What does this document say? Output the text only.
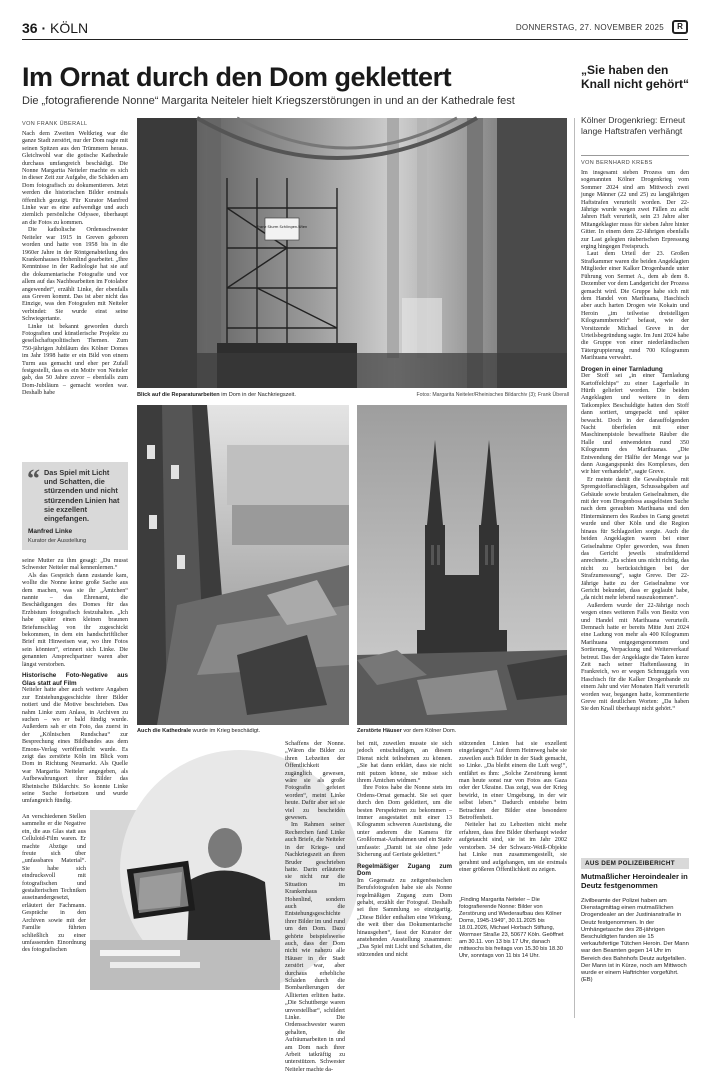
36 · KÖLN	DONNERSTAG, 27. NOVEMBER 2025	R
Im Ornat durch den Dom geklettert
Die „fotografierende Nonne“ Margarita Neiteler hielt Kriegszerstörungen in und an der Kathedrale fest
VON FRANK ÜBERALL
Franz Sturm Schlingen-Wien
Blick auf die Reparaturarbeiten im Dom in der Nachkriegszeit.	Fotos: Margarita Neiteler/Rheinisches Bildarchiv (3); Frank Überall
Auch die Kathedrale wurde im Krieg beschädigt.	Zerstörte Häuser vor dem Kölner Dom.

Nach dem Zweiten Weltkrieg war die ganze Stadt zerstört, nur der Dom ragte mit seinen Spitzen aus den Trümmern heraus. Gleichwohl war die gotische Kathedrale durchaus umfangreich beschädigt. Die Nonne Margarita Neiteler machte es sich in dieser Zeit zur Aufgabe, die Schäden am Dom fotografisch zu dokumentieren. Jetzt werden die historischen Bilder erstmals öffentlich gezeigt. Für Kurator Manfred Linke war es eine aufwendige und auch ziemlich persönliche Odyssee, überhaupt an die Fotos zu kommen.

Die katholische Ordensschwester Neiteler war 1915 in Greven geboren worden und hatte von 1958 bis in die 1960er Jahre in der Röntgenabteilung des Krankenhauses Hohenlind gearbeitet. „Ihre Kenntnisse in der Radiologie hat sie auf die dokumentarische Fotografie und vor allem auf das Nachbearbeiten im Fotolabor angewendet“, erzählt Linke, der ebenfalls aus Greven kommt. Das ist aber nicht das Einzige, was den Fotografen mit Neiteler verbindet: Sie wurde einst seine Schwiegertante.

Linke ist bekannt geworden durch Fotografien und künstlerische Projekte zu gesellschaftspolitischen Themen. Zum 750-jährigen Jubiläum des Kölner Domes im Jahr 1998 hatte er ein Bild von einem Turm aus gemacht und eher per Zufall festgestellt, dass es ein Motiv von Neiteler gab, das 50 Jahre zuvor – ebenfalls zum Dom-Jubiläum – gemacht worden war. Deshalb habe

“ Das Spiel mit Licht und Schatten, die stürzenden und nicht stürzenden Linien hat sie exzellent eingefangen.
Manfred Linke
Kurator der Ausstellung

seine Mutter zu ihm gesagt: „Du musst Schwester Neiteler mal kennenlernen.“

Als das Gespräch dann zustande kam, wollte die Nonne keine große Sache aus dem machen, was sie ihr „Ämtchen“ nannte – das Ehrenamt, die Beschädigungen des Domes für das Erzbistum fotografisch festzuhalten. „Ich habe später einen kleinen braunen Briefumschlag von ihr zugeschickt bekommen, in dem ein handschriftlicher Brief mit Hinweisen war, wo ihre Fotos sein könnten“, erinnert sich Linke. Die genannten Ansprechpartner waren aber längst verstorben.

Historische Foto-Negative aus Glas statt auf Film

Neiteler hatte aber auch weitere Angaben zur Entstehungsgeschichte ihrer Bilder notiert und die Motive beschrieben. Das nahm Linke zum Anlass, in Archiven zu suchen – wo er bald fündig wurde. Außerdem sah er ein Foto, das zuerst in der „Kölnischen Rundschau“ zur Besprechung eines Bildbandes aus dem Emons-Verlag veröffentlicht wurde. Es zeigt das zerstörte Köln im Blick vom Dom in Richtung Neumarkt. Als Quelle war Margarita Neiteler angegeben, als Aufbewahrungsort ihrer Bilder das Rheinische Bildarchiv. So konnte Linke seine Suche fortsetzen und wurde umfangreich fündig.

An verschiedenen Stellen sammelte er die Negative ein, die aus Glas statt aus Celluloid-Film waren. Er machte Abzüge und freute sich über „unfassbares Material“. Sie habe sich eindrucksvoll mit fotografischen und gestalterischen Techniken auseinandergesetzt, erläutert der Fachmann. Gespräche in den Archiven sowie mit der Familie führten schließlich zu einer umfassenden Einordnung des fotografischen

Schaffens der Nonne. „Wären die Bilder zu ihren Lebzeiten der Öffentlichkeit zugänglich gewesen, wäre sie als große Fotografin gefeiert worden“, meint Linke heute. Dafür aber sei sie viel zu bescheiden gewesen.

Im Rahmen seiner Recherchen fand Linke auch Briefe, die Neiteler in der Kriegs- und Nachkriegszeit an ihren Bruder geschrieben hatte. Darin erläuterte sie nicht nur die Situation im Krankenhaus Hohenlind, sondern auch die Entstehungsgeschichte ihrer Bilder im und rund um den Dom. Dazu gehörte beispielsweise auch, dass der Dom nicht wie nahezu alle Häuser in der Stadt zerstört war, aber durchaus erhebliche Schäden durch die Bombardierungen der Alliierten erlitten hatte. „Die Schuttberge waren unvorstellbar“, schildert Linke. Die Ordensschwester waren gehalten, die Aufräumarbeiten in und am Dom nach ihrer Arbeit tatkräftig zu unterstützen. Schwester Neiteler machte da-

bei mit, zuweilen musste sie sich jedoch entschuldigen, an diesem Dienst nicht teilnehmen zu können. „Sie hat dann erklärt, dass sie nicht mit putzen könne, sie müsse sich ihrem Ämtchen widmen.“

Ihre Fotos habe die Nonne stets im Ordens-Ornat gemacht. Sie sei quer durch den Dom geklettert, um die besten Perspektiven zu bekommen – immer ausgestattet mit einer 13 Kilogramm schweren Ausrüstung, die unter anderem die Kamera für Großformat-Aufnahmen und ein Stativ umfasste: „Damit ist sie ohne jede Sicherung auf Gerüste geklettert.“

Regelmäßiger Zugang zum Dom

Im Gegensatz zu zeitgenössischen Berufsfotografen habe sie als Nonne regelmäßigen Zugang zum Dom gehabt, erzählt der Fotograf. Deshalb sei ihre Sammlung so einzigartig. „Diese Bilder enthalten eine Wirkung, die weit über das Dokumentarische hinausgehen“, fasst der Kurator der anstehenden Ausstellung zusammen: „Das Spiel mit Licht und Schatten, die stürzenden und nicht

stürzenden Linien hat sie exzellent eingefangen.“ Auf ihrem Heimweg habe sie zuweilen auch Bilder in der Stadt gemacht, so Linke. „Da bleibt einem die Luft weg!“, entfährt es ihm: „Solche Zerstörung kennt man heute sonst nur von Fotos aus Gaza oder der Ukraine. Das zeigt, was der Krieg bewirkt, in einer Umgebung, in der wir selbst leben.“ Dadurch entstehe beim Betrachten der Bilder eine besondere Betroffenheit.

Neiteler hat zu Lebzeiten nicht mehr erfahren, dass ihre Bilder überhaupt wieder aufgetaucht sind, sie ist im Jahr 2002 verstorben. 34 der Schwarz-Weiß-Objekte hat Linke nun zusammengestellt, sie gerahmt und aufgehangen, um sie erstmals einer größeren Öffentlichkeit zu zeigen.

„Finding Margarita Neiteler – Die fotografierende Nonne: Bilder von Zerstörung und Wiederaufbau des Kölner Doms, 1945-1949“, 30.11.2025 bis 18.01.2026, Michael Horbach Stiftung, Wormser Straße 23, 50677 Köln. Geöffnet am 30.11. von 13 bis 17 Uhr, danach mittwochs bis freitags von 15.30 bis 18.30 Uhr, sonntags von 11 bis 14 Uhr.
„Sie haben den Knall nicht gehört“
Kölner Drogenkrieg: Erneut lange Haftstrafen verhängt
VON BERNHARD KREBS

Im insgesamt sieben Prozess um den sogenannten Kölner Drogenkrieg vom Sommer 2024 sind am Mittwoch zwei junge Männer (22 und 25) zu langjährigen Haftstrafen verurteilt worden. Der 22-Jährige wurde wegen zwei Fällen zu acht Jahren Haft verurteilt, sein 23 Jahre alter Mitangeklagter muss für sieben Jahre hinter Gitter. In einem dem 22-Jährigen ebenfalls zur Last gelegten räuberischen Erpressung erging hingegen Freispruch.

Laut dem Urteil der 23. Großen Strafkammer waren die beiden Angeklagten Mitglieder einer Kalker Drogenbande unter Führung von Sermet A., dem ab dem 8. Dezember vor dem Landgericht der Prozess gemacht wird. Die Gruppe habe sich mit dem Handel von Marihuana, Haschisch aber auch harten Drogen wie Kokain und Heroin „im teilweise dreistelligen Kilogrammbereich“ befasst, wie der Vorsitzende Michael Greve in der Urteilsbegründung sagte. Im Juni 2024 habe die Gruppe von einer niederländischen Tätergruppierung rund 700 Kilogramm Marihuana verwahrt.

Drogen in einer Tarnladung

Der Stoff sei „in einer Tarnladung Kartoffelchips“ zu einer Lagerhalle in Hürth geliefert worden. Die beiden Angeklagten und weitere in dem Tatkomplex Beschuldigte hatten den Stoff dann sortiert, umgepackt und später bewacht. Doch in der darauffolgenden Nacht überfielen mit einer Maschinenpistole bewaffnete Räuber die Halle und entwendeten rund 350 Kilogramm des Marihuanas. „Die Entwendung der Hälfte der Menge war ja dann Ausgangspunkt des Komplexes, den wir hier verhandeln“, sagte Greve.

Er meinte damit die Gewaltspirale mit Sprengstoffanschlägen, Schussabgaben auf Gebäude sowie brutalen Geiselnahmen, die mit der vom Drogenboss ausgelösten Suche nach dem geraubten Marihuana und den Hintermännern des Raubes in Gang gesetzt wurde und über Köln und die Region hinaus für Schlagzeilen sorgte. Auch die beiden Angeklagten waren bei einer Geiselnahme Opfer geworden, was ihnen das Gericht jeweils strafmildernd anrechnete. „Es schien uns nicht richtig, das nicht zu berücksichtigen bei der Strafzumessung“, sagte Greve. Der 22-Jährige hatte zu der Geiselnahme vor Gericht bekundet, dass er geglaubt habe, „da nicht mehr lebend rauszukommen“.

Außerdem wurde der 22-Jährige noch wegen eines weiteren Falls von Besitz von und Handel mit Marihuana verurteilt. Demnach hatte er bereits Mitte Juni 2024 eine Ladung von mehr als 400 Kilogramm Marihuana entgegengenommen und Sortierung, Verpackung und Weiterverkauf betreut. Das der Angeklagte die Taten kurze Zeit nach seiner Haftentlassung in Frankreich, wo er wegen Schmuggels von Haschisch für die Kalker Drogenbande zu einem Jahr und vier Monaten Haft verurteilt worden war, begangen hatte, kommentierte Greve mit deutlichen Worten: „Da haben Sie den Knall überhaupt nicht gehört.“

AUS DEM POLIZEIBERICHT
Mutmaßlicher Heroindealer in Deutz festgenommen
Zivilbeamte der Polizei haben am Dienstagmittag einen mutmaßlichen Drogendealer an der Justinianstraße in Deutz festgenommen. In der Umhängetasche des 28-jährigen Beschuldigten fanden sie 15 verkaufsfertige Tütchen Heroin. Der Mann war den Beamten gegen 14 Uhr im Bereich des Bahnhofs Deutz aufgefallen. Der Mann ist in Kürze, noch am Mittwoch wurde er einem Haftrichter vorgeführt. (EB)
